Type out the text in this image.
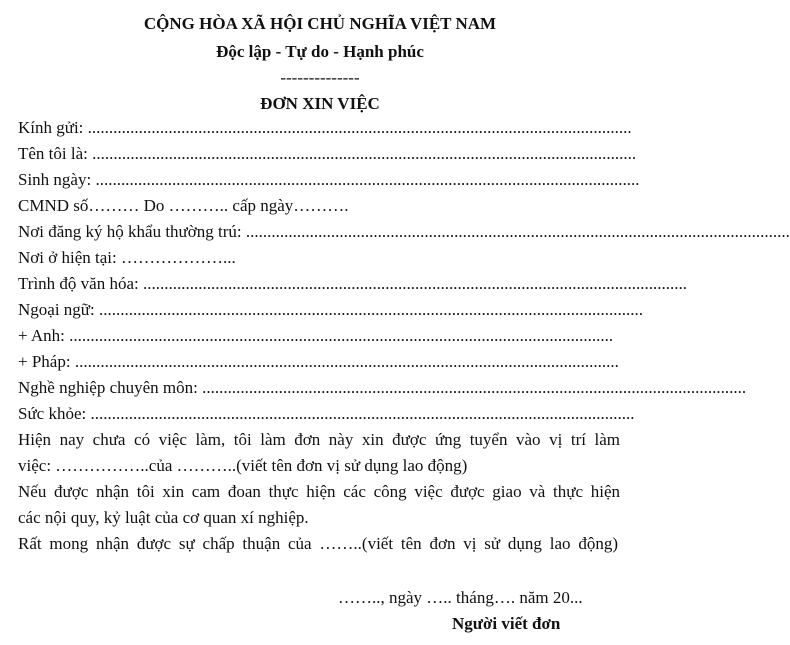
CỘNG HÒA XÃ HỘI CHỦ NGHĨA VIỆT NAM
Độc lập - Tự do - Hạnh phúc
--------------
ĐƠN XIN VIỆC
Kính gửi: ................................................................................................................................
Tên tôi là: ................................................................................................................................
Sinh ngày: ................................................................................................................................
CMND số……… Do ……….. cấp ngày……….
Nơi đăng ký hộ khẩu thường trú: ................................................................................................................................
Nơi ở hiện tại: ………………...
Trình độ văn hóa: ................................................................................................................................
Ngoại ngữ: ................................................................................................................................
+ Anh: ................................................................................................................................
+ Pháp: ................................................................................................................................
Nghề nghiệp chuyên môn: ................................................................................................................................
Sức khỏe: ................................................................................................................................
Hiện nay chưa có việc làm, tôi làm đơn này xin được ứng tuyển vào vị trí làm
việc: ……………..của ………..(viết tên đơn vị sử dụng lao động)
Nếu được nhận tôi xin cam đoan thực hiện các công việc được giao và thực hiện
các nội quy, kỷ luật của cơ quan xí nghiệp.
Rất mong nhận được sự chấp thuận của ……..(viết tên đơn vị sử dụng lao động)
…….., ngày ….. tháng…. năm 20...
Người viết đơn
